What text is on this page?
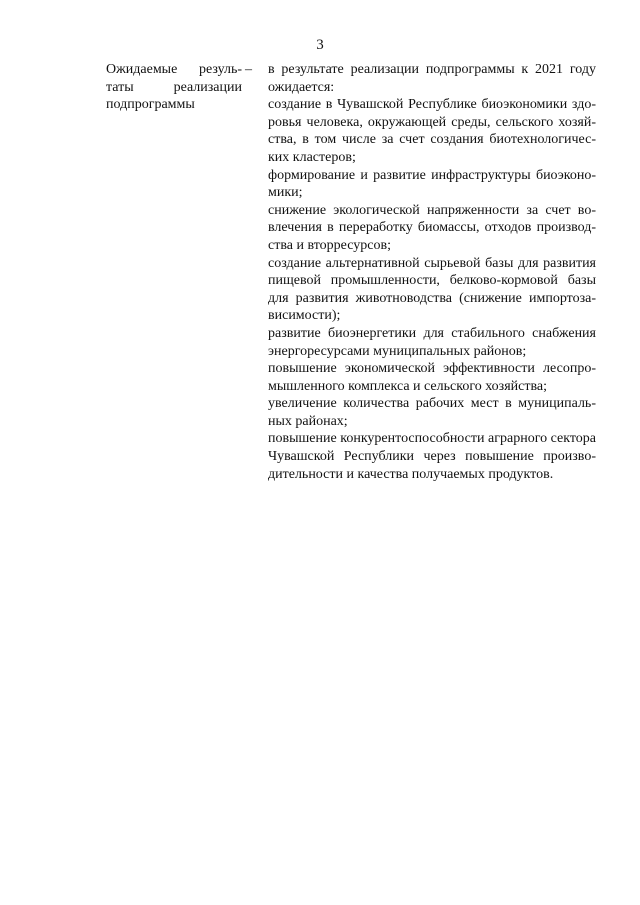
3
Ожидаемые результаты реализации подпрограммы
– в результате реализации подпрограммы к 2021 году ожидается:

создание в Чувашской Республике биоэкономики здоровья человека, окружающей среды, сельского хозяйства, в том числе за счет создания биотехнологических кластеров;

формирование и развитие инфраструктуры биоэкономики;

снижение экологической напряженности за счет вовлечения в переработку биомассы, отходов производства и вторресурсов;

создание альтернативной сырьевой базы для развития пищевой промышленности, белково-кормовой базы для развития животноводства (снижение импортозависимости);

развитие биоэнергетики для стабильного снабжения энергоресурсами муниципальных районов;

повышение экономической эффективности лесопромышленного комплекса и сельского хозяйства;

увеличение количества рабочих мест в муниципальных районах;

повышение конкурентоспособности аграрного сектора Чувашской Республики через повышение производительности и качества получаемых продуктов.
